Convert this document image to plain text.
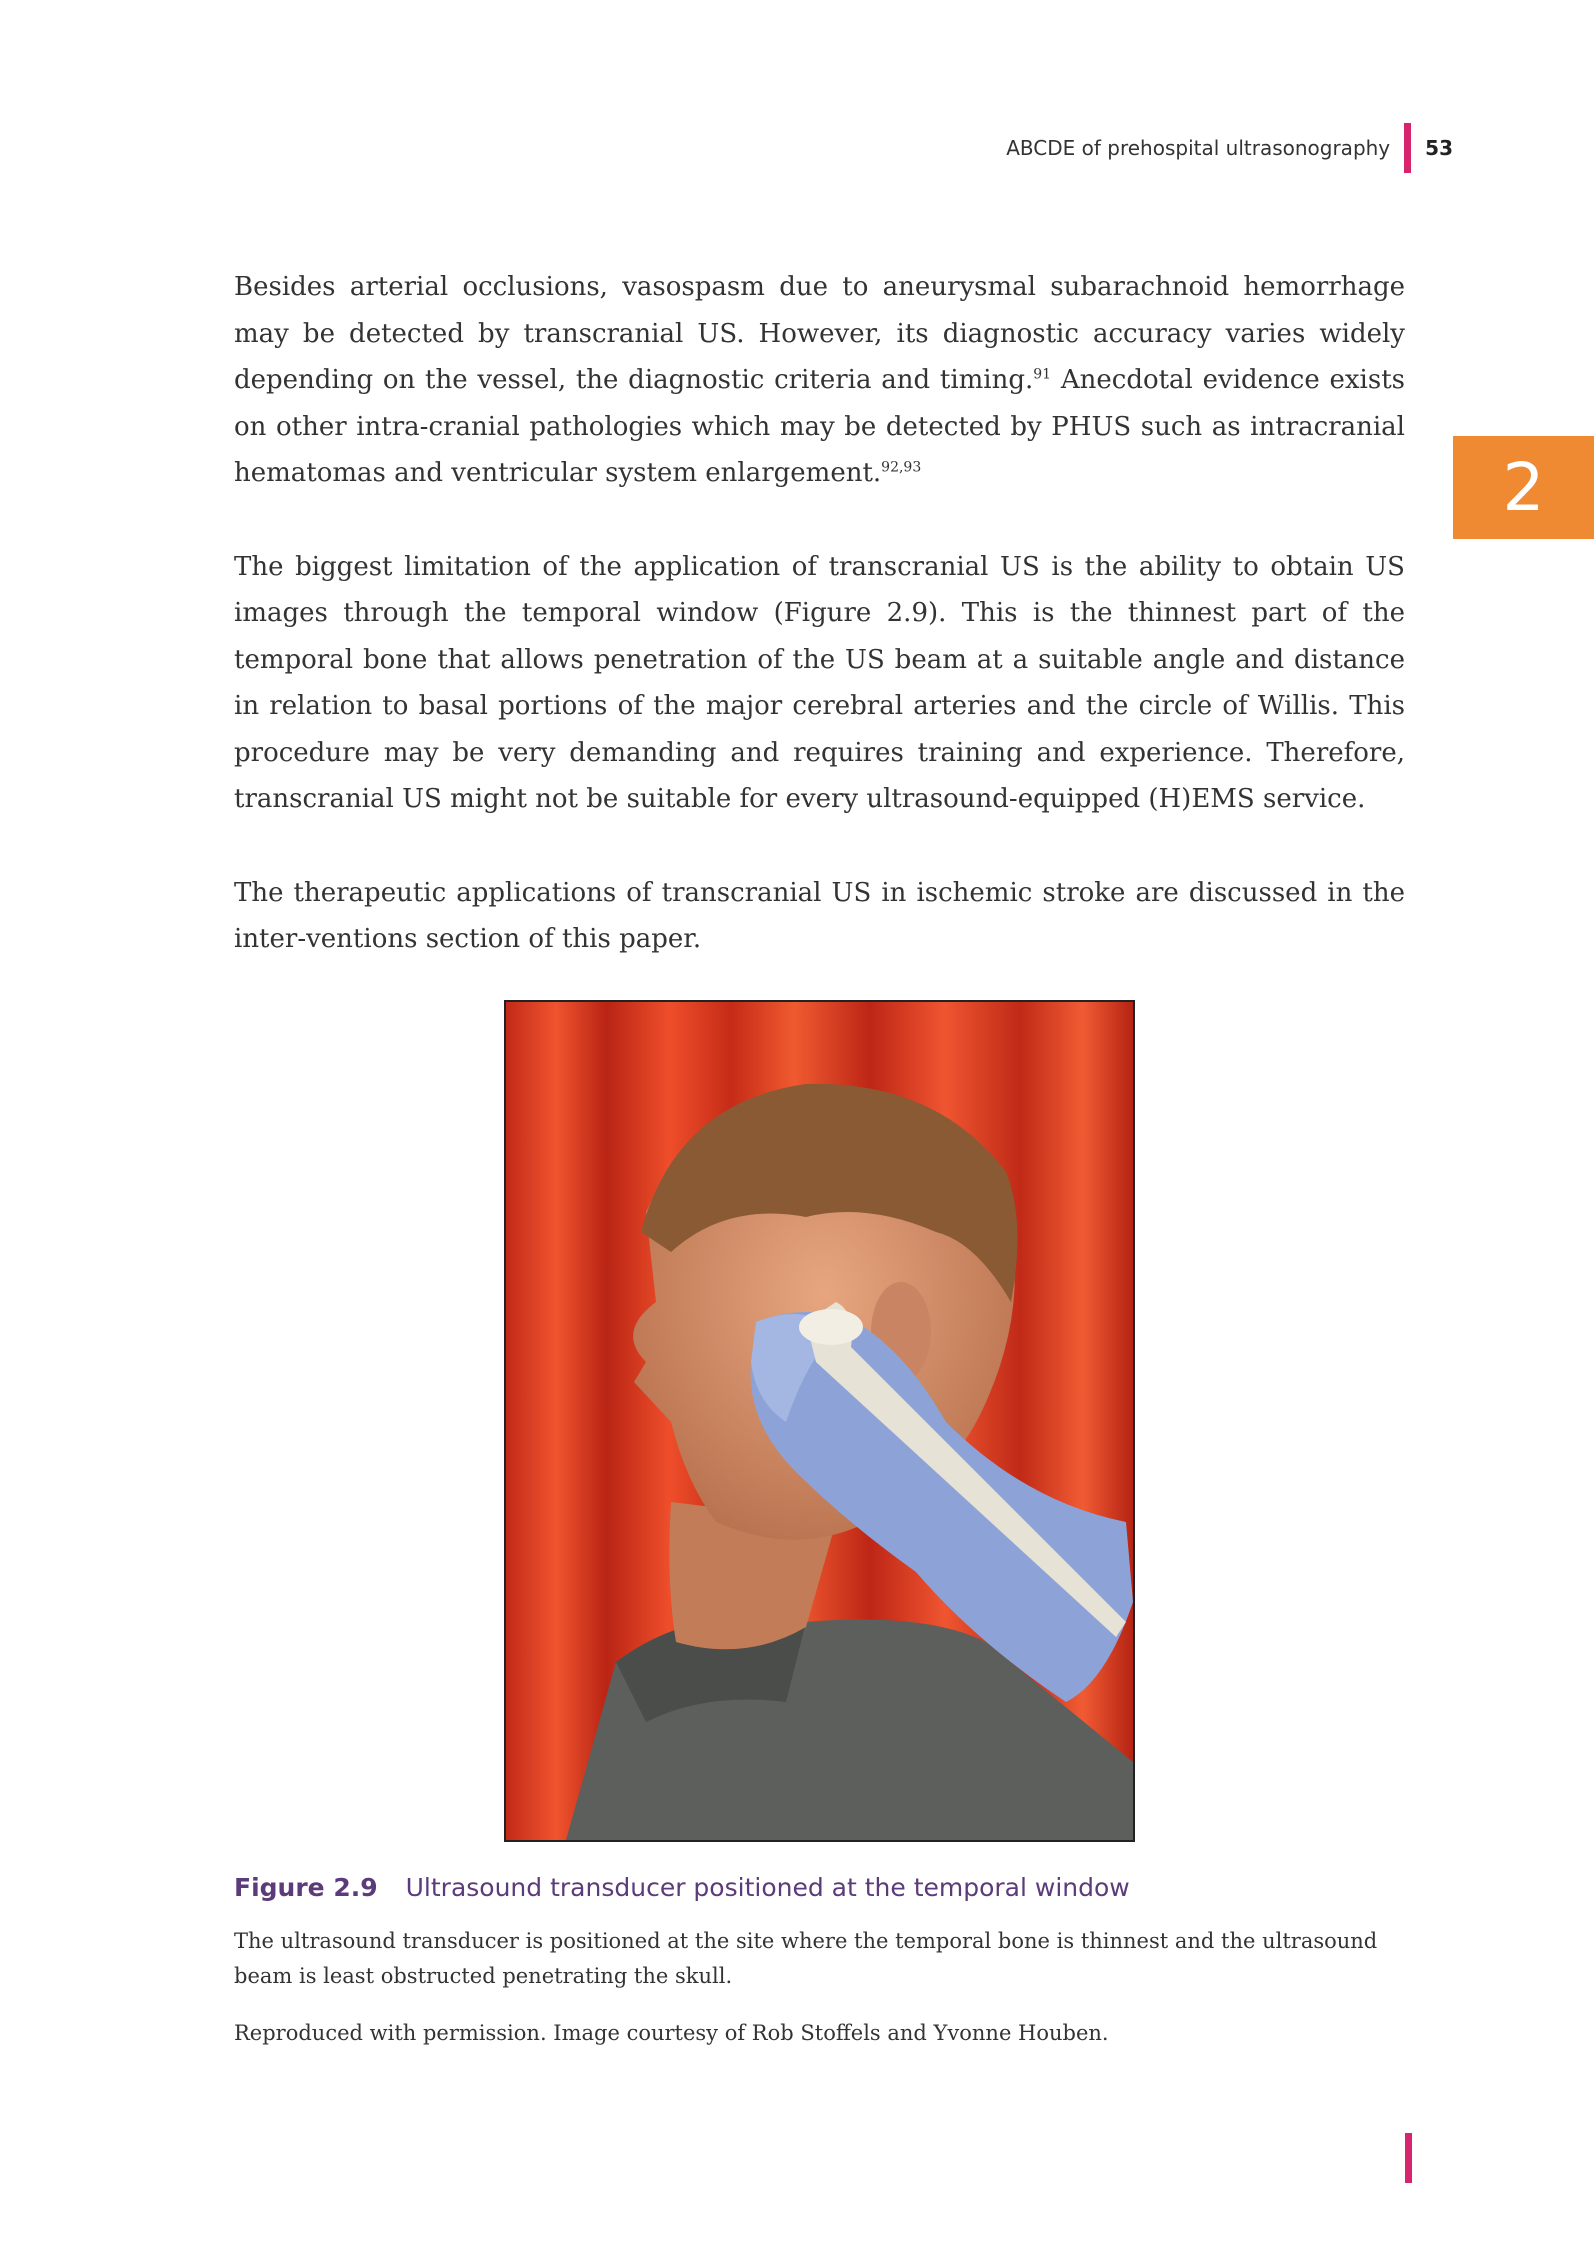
ABCDE of prehospital ultrasonography 53
2

Besides arterial occlusions, vasospasm due to aneurysmal subarachnoid hemorrhage may be detected by transcranial US. However, its diagnostic accuracy varies widely depending on the vessel, the diagnostic criteria and timing.$^{91}$ Anecdotal evidence exists on other intra-cranial pathologies which may be detected by PHUS such as intracranial hematomas and ventricular system enlargement.$^{92,93}$

The biggest limitation of the application of transcranial US is the ability to obtain US images through the temporal window (Figure 2.9). This is the thinnest part of the temporal bone that allows penetration of the US beam at a suitable angle and distance in relation to basal portions of the major cerebral arteries and the circle of Willis. This procedure may be very demanding and requires training and experience. Therefore, transcranial US might not be suitable for every ultrasound-equipped (H)EMS service.

The therapeutic applications of transcranial US in ischemic stroke are discussed in the inter-ventions section of this paper.

Figure 2.9 Ultrasound transducer positioned at the temporal window
The ultrasound transducer is positioned at the site where the temporal bone is thinnest and the ultrasound beam is least obstructed penetrating the skull.
Reproduced with permission. Image courtesy of Rob Stoffels and Yvonne Houben.
